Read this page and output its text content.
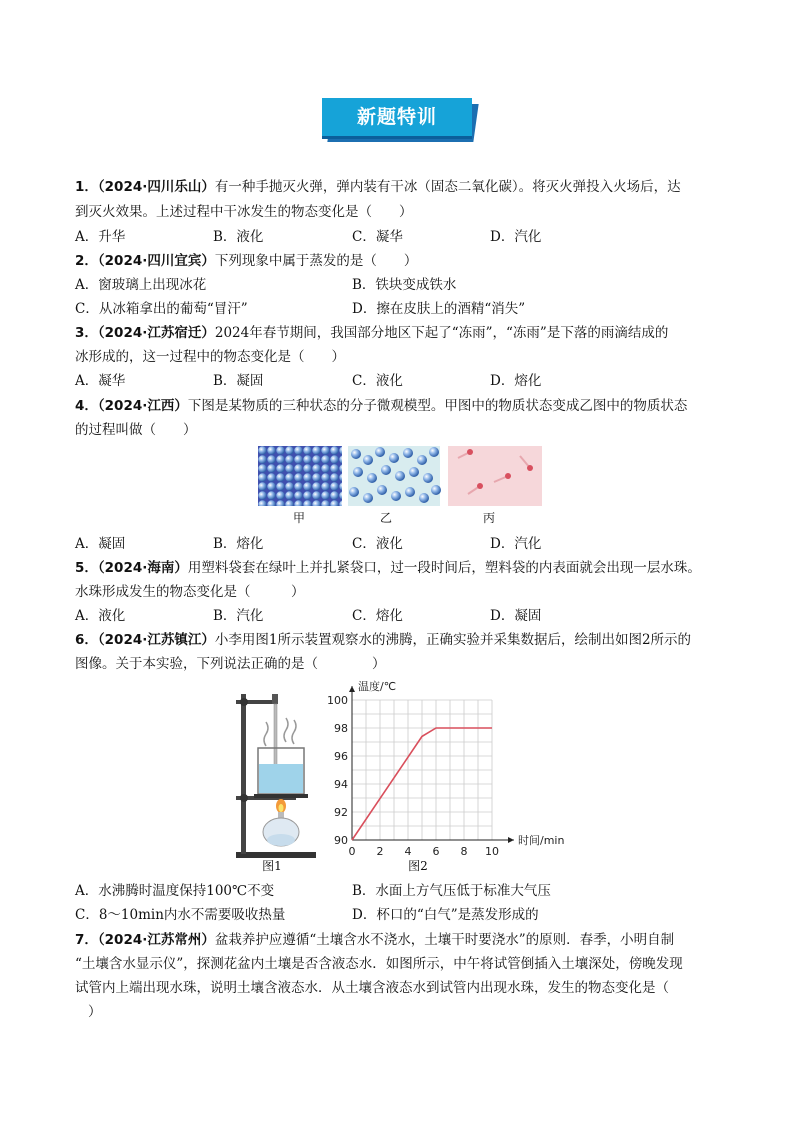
新题特训
1．（2024·四川乐山）有一种手抛灭火弹，弹内装有干冰（固态二氧化碳）。将灭火弹投入火场后，达
到灭火效果。上述过程中干冰发生的物态变化是（　　）
A．升华	B．液化	C．凝华	D．汽化
2．（2024·四川宜宾）下列现象中属于蒸发的是（　　）
A．窗玻璃上出现冰花	B．铁块变成铁水
C．从冰箱拿出的葡萄“冒汗”	D．擦在皮肤上的酒精“消失”
3．（2024·江苏宿迁）2024年春节期间，我国部分地区下起了“冻雨”，“冻雨”是下落的雨滴结成的
冰形成的，这一过程中的物态变化是（　　）
A．凝华	B．凝固	C．液化	D．熔化
4．（2024·江西）下图是某物质的三种状态的分子微观模型。甲图中的物质状态变成乙图中的物质状态
的过程叫做（　　）
甲	乙	丙
A．凝固	B．熔化	C．液化	D．汽化
5．（2024·海南）用塑料袋套在绿叶上并扎紧袋口，过一段时间后，塑料袋的内表面就会出现一层水珠。
水珠形成发生的物态变化是（　　　）
A．液化	B．汽化	C．熔化	D．凝固
6．（2024·江苏镇江）小李用图1所示装置观察水的沸腾，正确实验并采集数据后，绘制出如图2所示的
图像。关于本实验，下列说法正确的是（　　　　）
图1
0 2 4 6 8 10
90
92
94
96
98
100
温度/℃
时间/min
图2
A．水沸腾时温度保持100℃不变	B．水面上方气压低于标准大气压
C．8～10min内水不需要吸收热量	D．杯口的“白气”是蒸发形成的
7．（2024·江苏常州）盆栽养护应遵循“土壤含水不浇水，土壤干时要浇水”的原则．春季，小明自制
“土壤含水显示仪”，探测花盆内土壤是否含液态水．如图所示，中午将试管倒插入土壤深处，傍晚发现
试管内上端出现水珠，说明土壤含液态水．从土壤含液态水到试管内出现水珠，发生的物态变化是（
）
